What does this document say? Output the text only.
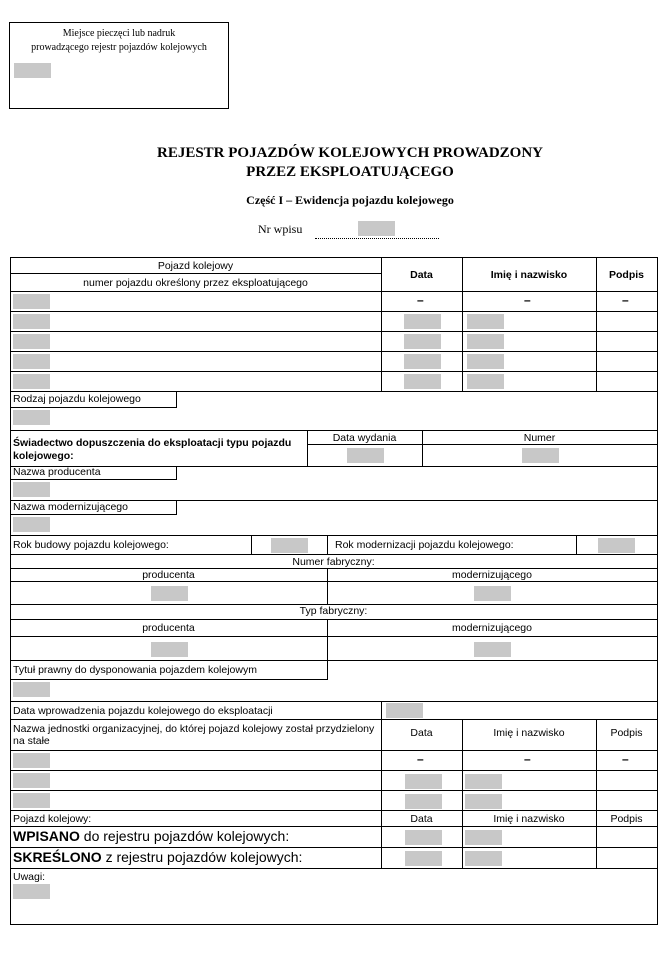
Miejsce pieczęci lub nadruk
prowadzącego rejestr pojazdów kolejowych
REJESTR POJAZDÓW KOLEJOWYCH PROWADZONY
PRZEZ EKSPLOATUJĄCEGO
Część I – Ewidencja pojazdu kolejowego
Nr wpisu
Pojazd kolejowy
numer pojazdu określony przez eksploatującego
Data	Imię i nazwisko	Podpis
–	–	–
Rodzaj pojazdu kolejowego
Świadectwo dopuszczenia do eksploatacji typu pojazdu kolejowego:
Data wydania	Numer
Nazwa producenta
Nazwa modernizującego
Rok budowy pojazdu kolejowego:	Rok modernizacji pojazdu kolejowego:
Numer fabryczny:
producenta	modernizującego
Typ fabryczny:
producenta	modernizującego
Tytuł prawny do dysponowania pojazdem kolejowym
Data wprowadzenia pojazdu kolejowego do eksploatacji
Nazwa jednostki organizacyjnej, do której pojazd kolejowy został przydzielony na stałe
Data	Imię i nazwisko	Podpis
–	–	–
Pojazd kolejowy:	Data	Imię i nazwisko	Podpis
WPISANO do rejestru pojazdów kolejowych:
SKREŚLONO z rejestru pojazdów kolejowych:
Uwagi:
